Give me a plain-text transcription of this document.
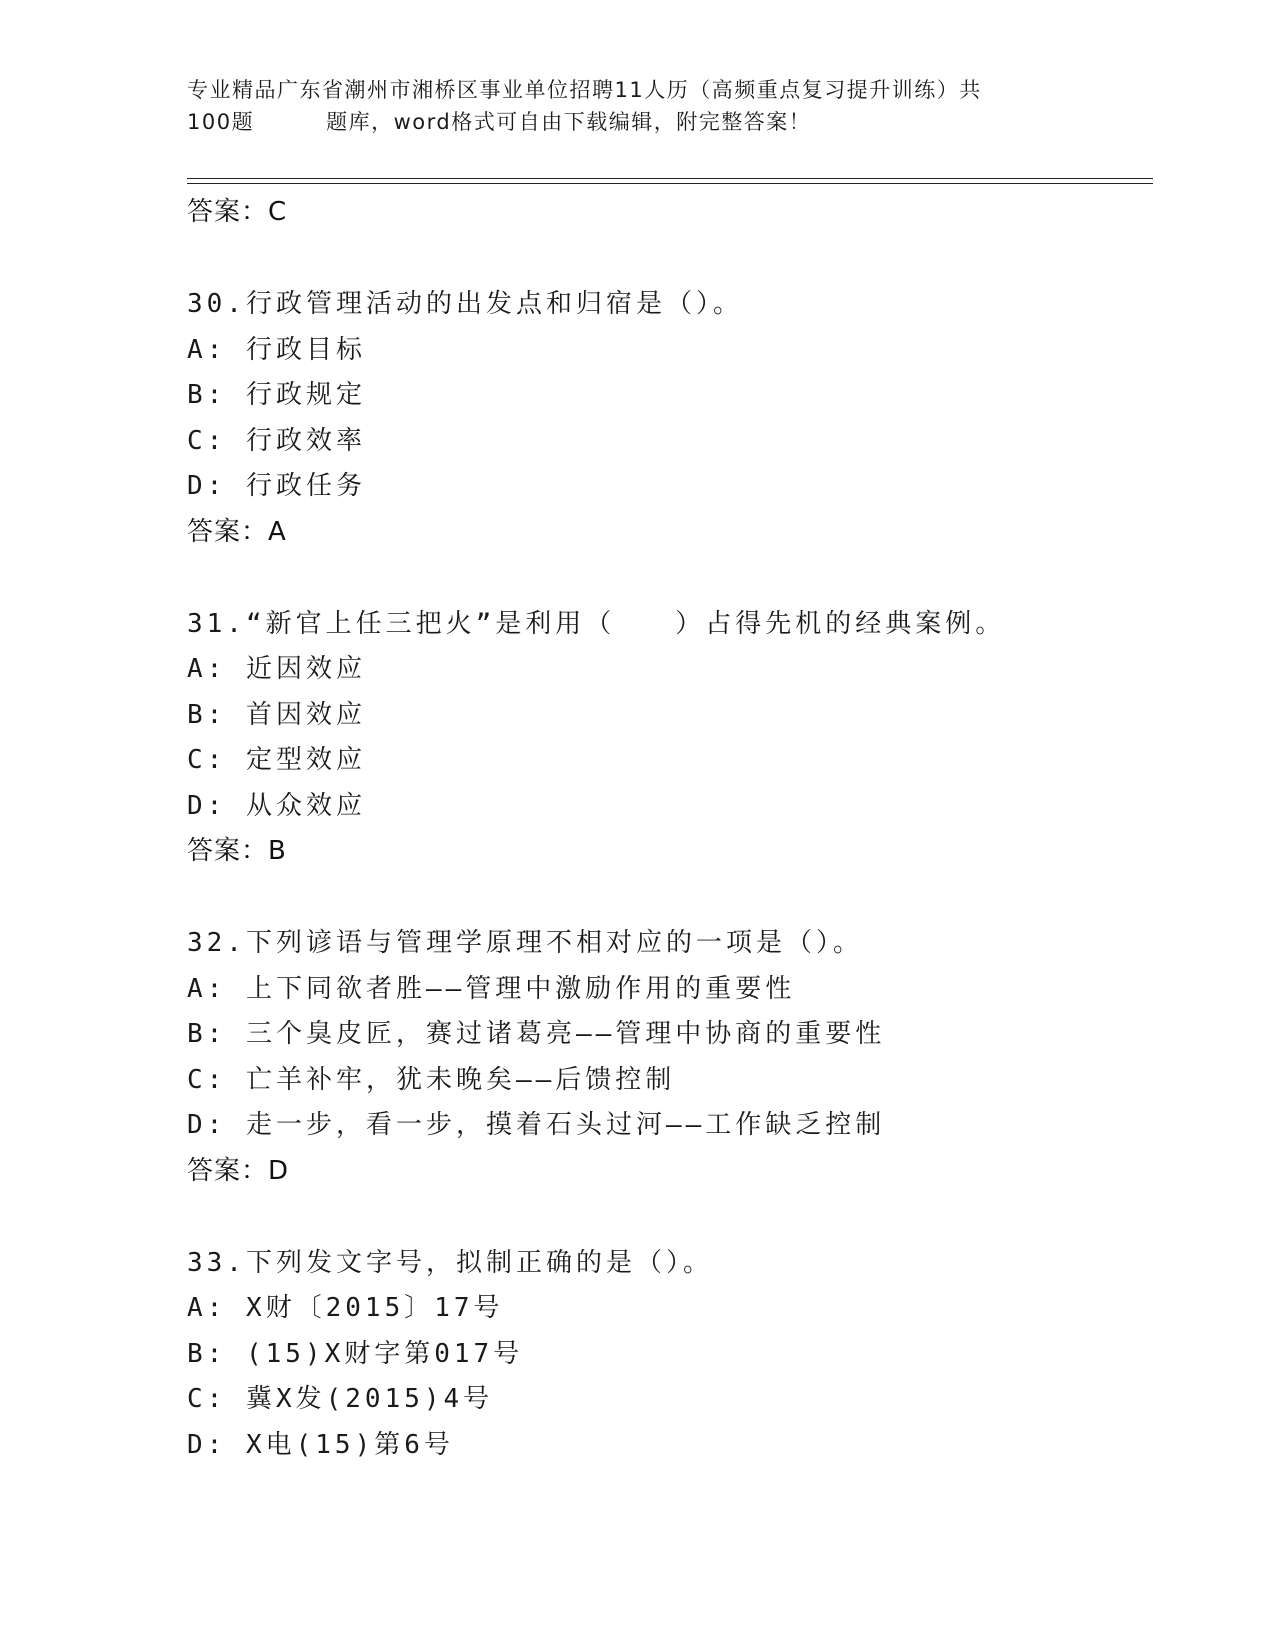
专业精品广东省潮州市湘桥区事业单位招聘11人历（高频重点复习提升训练）共
100题	题库，word格式可自由下载编辑，附完整答案！
答案：C
30.行政管理活动的出发点和归宿是（）。
A: 行政目标
B: 行政规定
C: 行政效率
D: 行政任务
答案：A
31.“新官上任三把火”是利用（　　）占得先机的经典案例。
A: 近因效应
B: 首因效应
C: 定型效应
D: 从众效应
答案：B
32.下列谚语与管理学原理不相对应的一项是（）。
A: 上下同欲者胜——管理中激励作用的重要性
B: 三个臭皮匠，赛过诸葛亮——管理中协商的重要性
C: 亡羊补牢，犹未晚矣——后馈控制
D: 走一步，看一步，摸着石头过河——工作缺乏控制
答案：D
33.下列发文字号，拟制正确的是（）。
A: X财〔2015〕17号
B: (15)X财字第017号
C: 冀X发(2015)4号
D: X电(15)第6号
